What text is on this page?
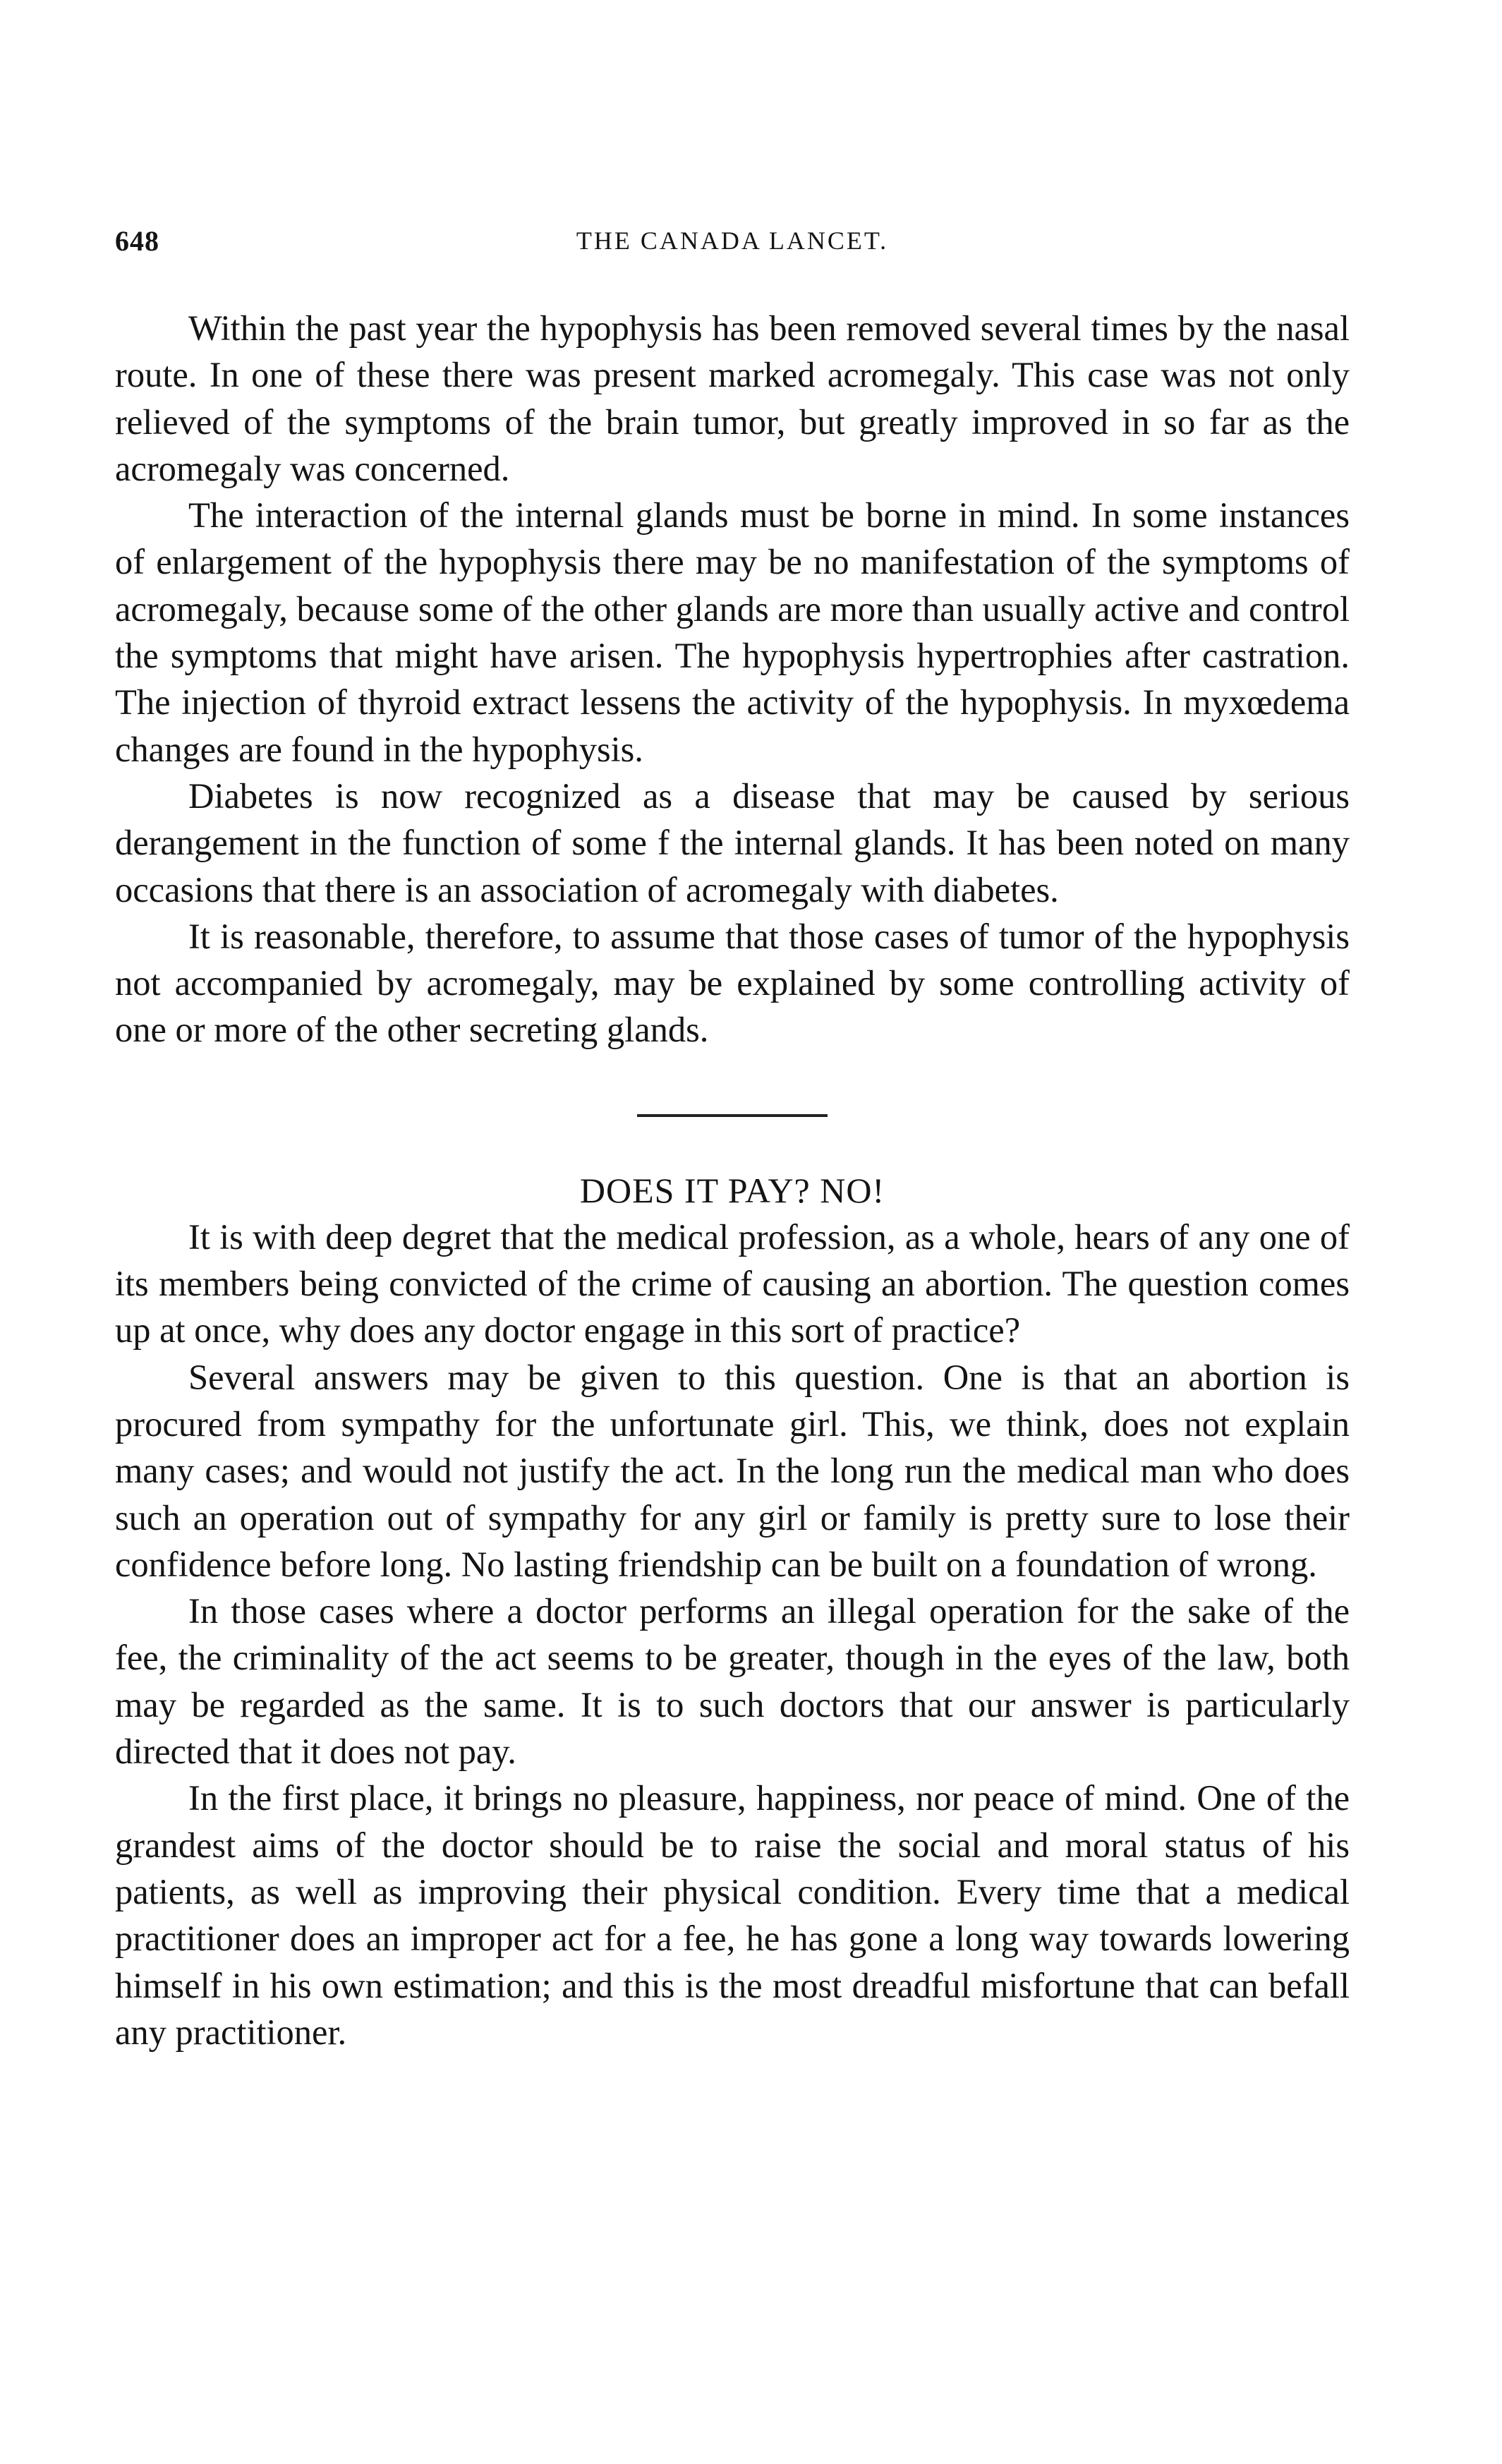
648	THE CANADA LANCET.

Within the past year the hypophysis has been removed several times by the nasal route. In one of these there was present marked acromegaly. This case was not only relieved of the symptoms of the brain tumor, but greatly improved in so far as the acromegaly was concerned.

The interaction of the internal glands must be borne in mind. In some instances of enlargement of the hypophysis there may be no manifestation of the symptoms of acromegaly, because some of the other glands are more than usually active and control the symptoms that might have arisen. The hypophysis hypertrophies after castration. The injection of thyroid extract lessens the activity of the hypophysis. In myxœdema changes are found in the hypophysis.

Diabetes is now recognized as a disease that may be caused by serious derangement in the function of some f the internal glands. It has been noted on many occasions that there is an association of acromegaly with diabetes.

It is reasonable, therefore, to assume that those cases of tumor of the hypophysis not accompanied by acromegaly, may be explained by some controlling activity of one or more of the other secreting glands.

DOES IT PAY? NO!

It is with deep degret that the medical profession, as a whole, hears of any one of its members being convicted of the crime of causing an abortion. The question comes up at once, why does any doctor engage in this sort of practice?

Several answers may be given to this question. One is that an abortion is procured from sympathy for the unfortunate girl. This, we think, does not explain many cases; and would not justify the act. In the long run the medical man who does such an operation out of sympathy for any girl or family is pretty sure to lose their confidence before long. No lasting friendship can be built on a foundation of wrong.

In those cases where a doctor performs an illegal operation for the sake of the fee, the criminality of the act seems to be greater, though in the eyes of the law, both may be regarded as the same. It is to such doctors that our answer is particularly directed that it does not pay.

In the first place, it brings no pleasure, happiness, nor peace of mind. One of the grandest aims of the doctor should be to raise the social and moral status of his patients, as well as improving their physical condition. Every time that a medical practitioner does an improper act for a fee, he has gone a long way towards lowering himself in his own estimation; and this is the most dreadful misfortune that can befall any practitioner.
